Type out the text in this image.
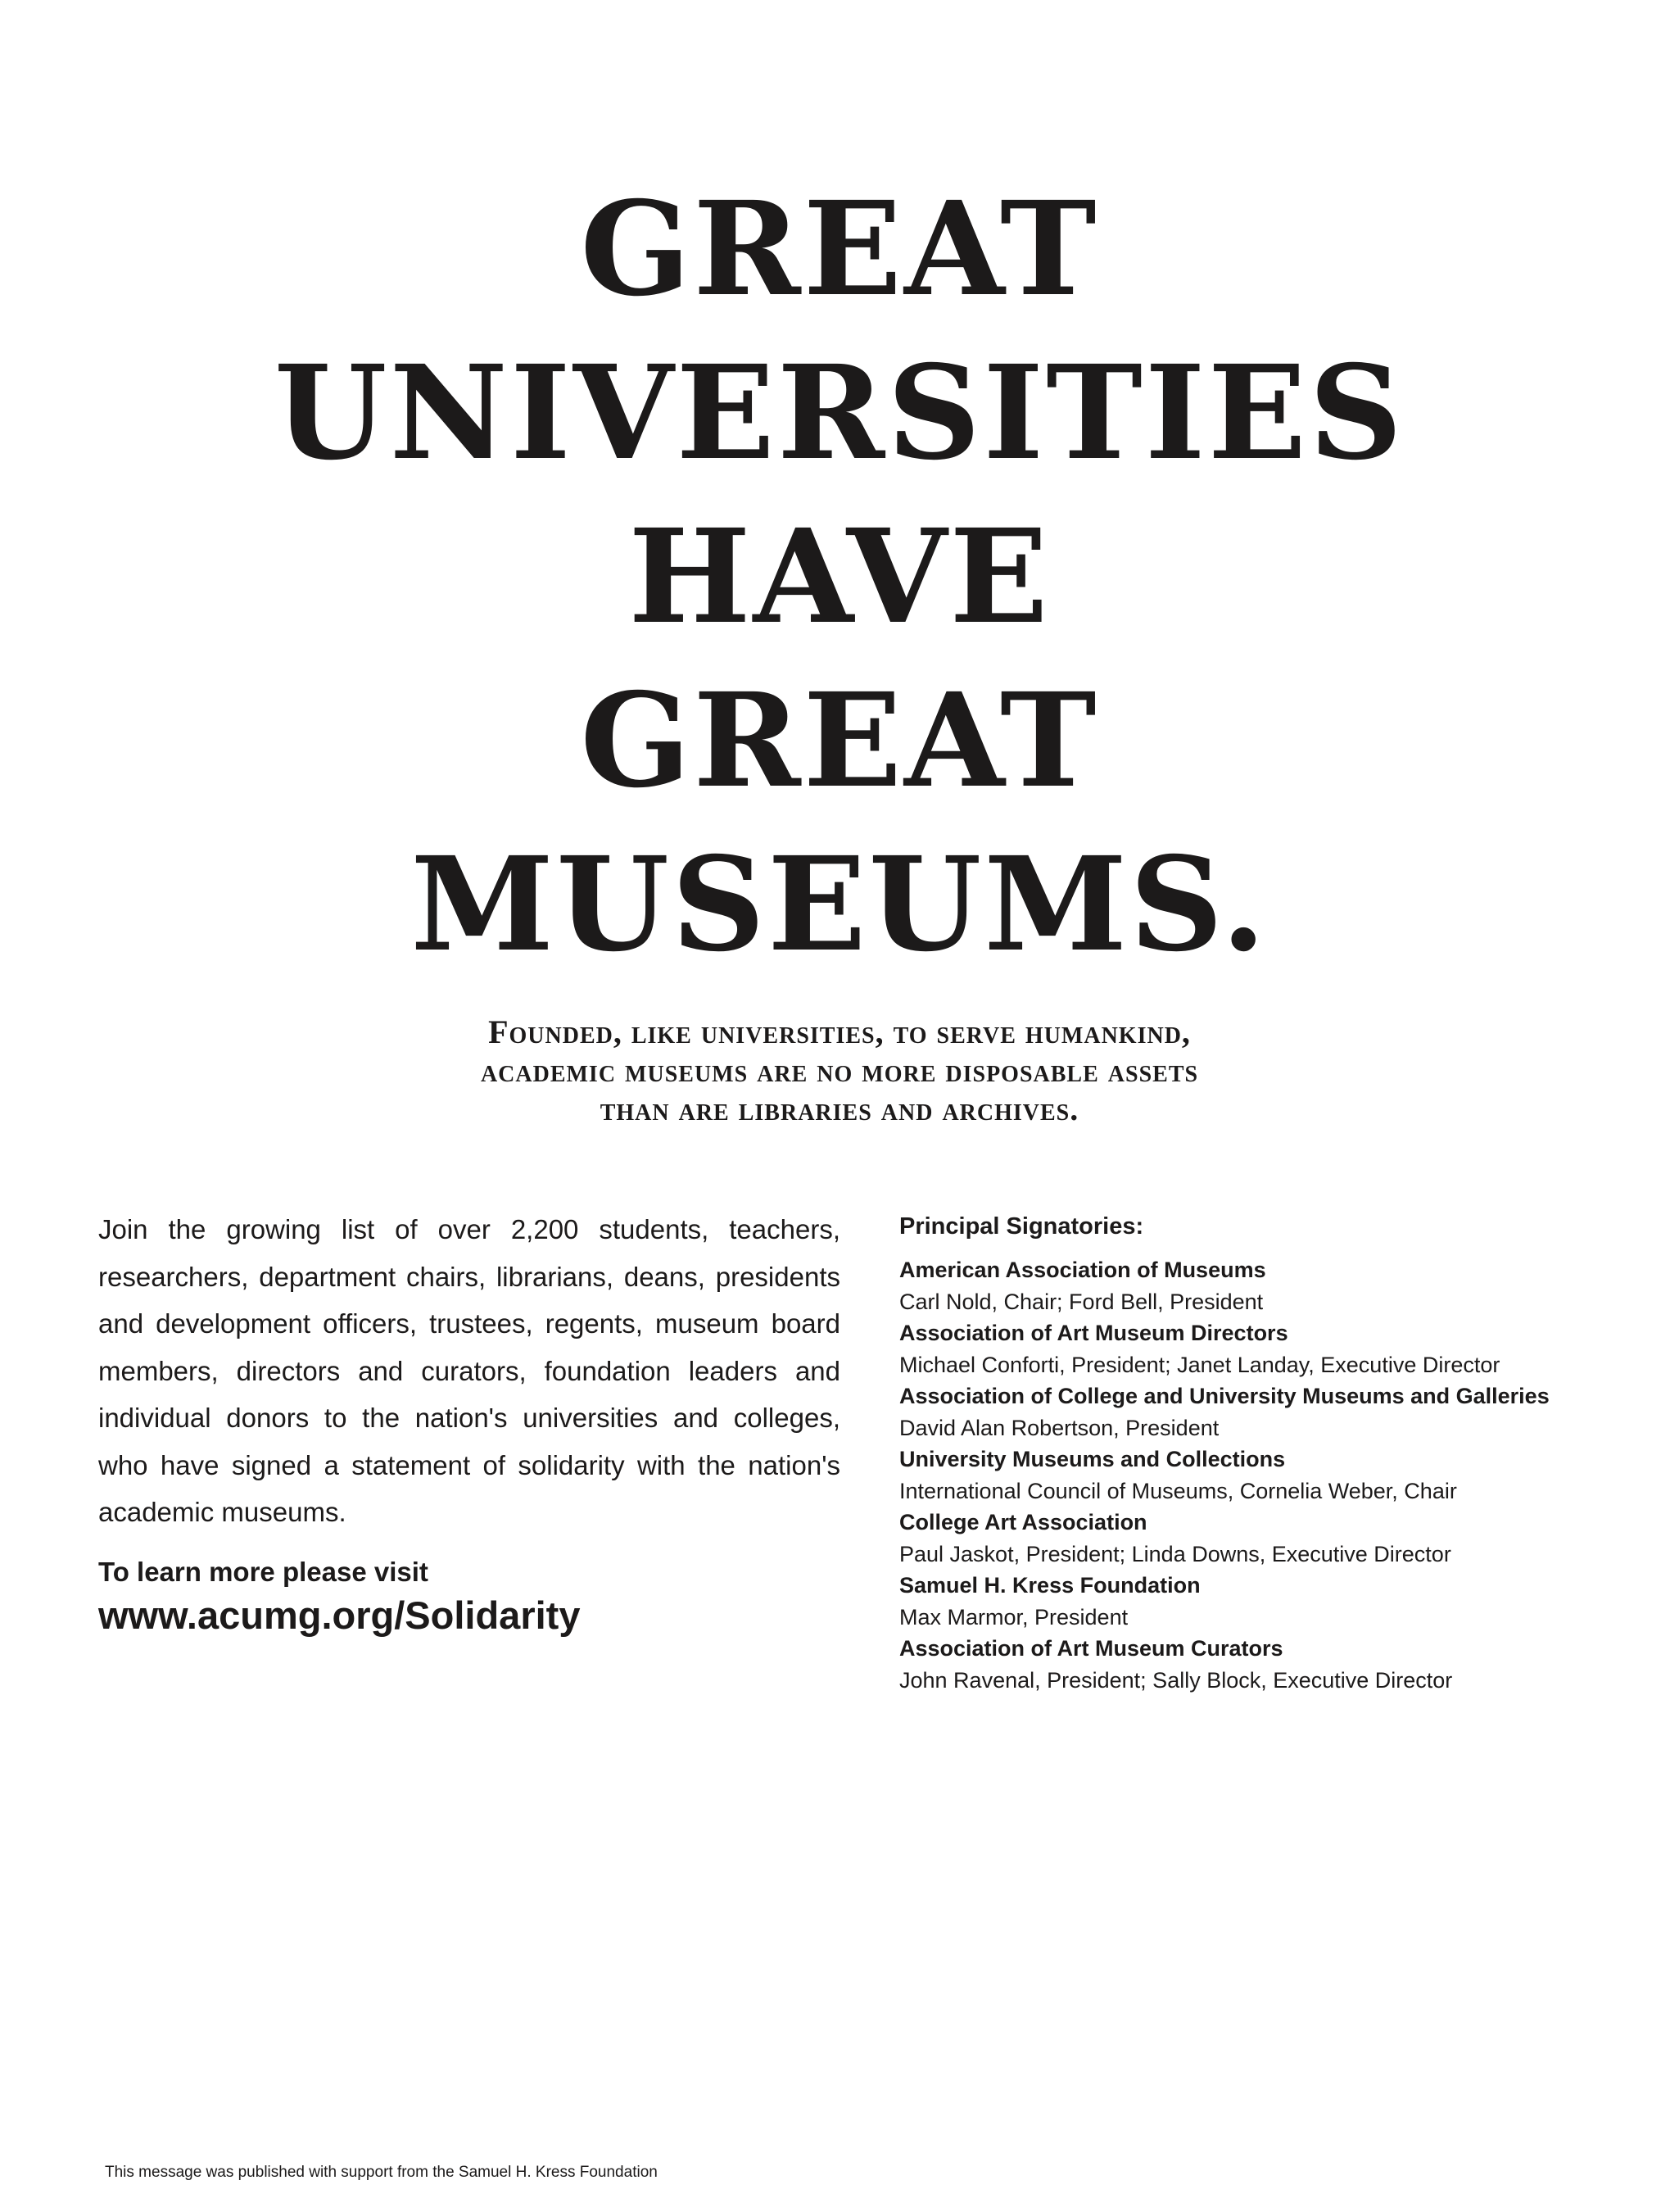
GREAT
UNIVERSITIES
HAVE
GREAT
MUSEUMS.
Founded, like universities, to serve humankind,
academic museums are no more disposable assets
than are libraries and archives.

Join the growing list of over 2,200 students, teachers, researchers, department chairs, librarians, deans, presidents and development officers, trustees, regents, museum board members, directors and curators, foundation leaders and individual donors to the nation's universities and colleges, who have signed a statement of solidarity with the nation's academic museums.

To learn more please visit

www.acumg.org/Solidarity

Principal Signatories:

American Association of Museums

Carl Nold, Chair; Ford Bell, President

Association of Art Museum Directors

Michael Conforti, President; Janet Landay, Executive Director

Association of College and University Museums and Galleries

David Alan Robertson, President

University Museums and Collections

International Council of Museums, Cornelia Weber, Chair

College Art Association

Paul Jaskot, President; Linda Downs, Executive Director

Samuel H. Kress Foundation

Max Marmor, President

Association of Art Museum Curators

John Ravenal, President; Sally Block, Executive Director

This message was published with support from the Samuel H. Kress Foundation
